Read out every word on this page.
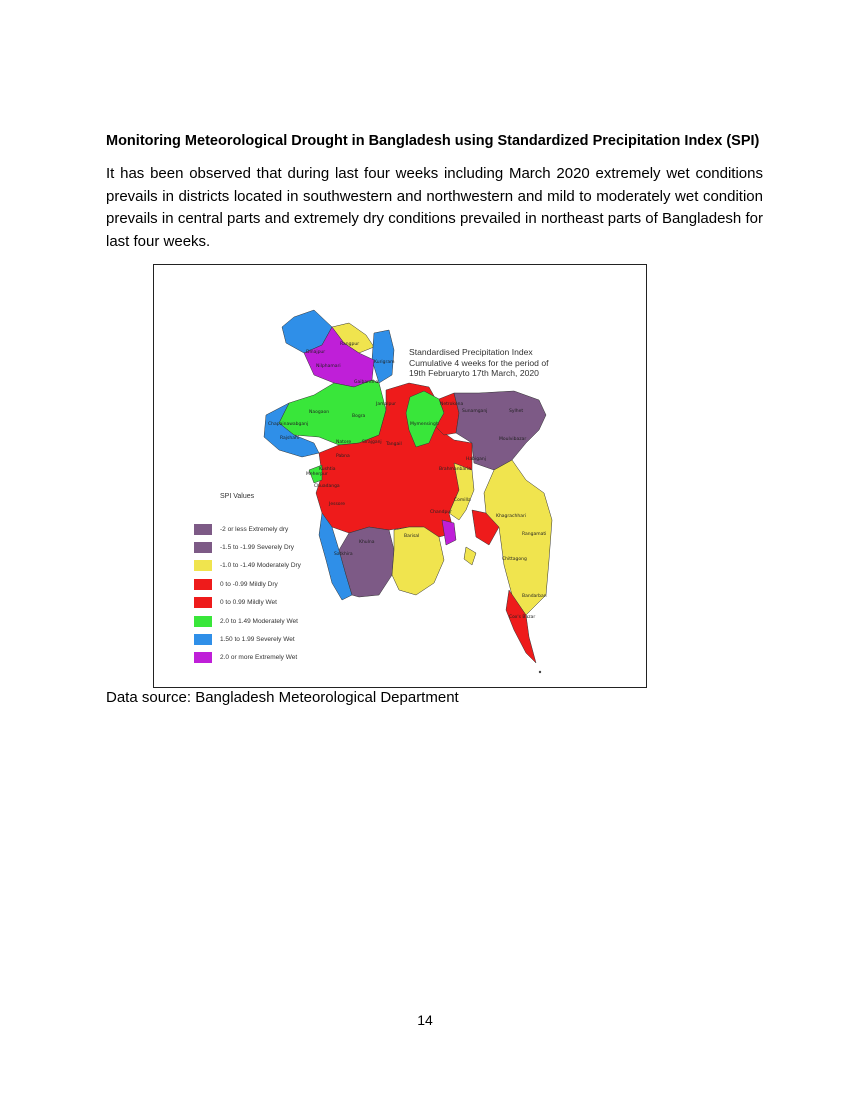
Monitoring Meteorological Drought in Bangladesh using Standardized Precipitation Index (SPI)

It has been observed that during last four weeks including March 2020 extremely wet conditions prevails in districts located in southwestern and northwestern and mild to moderately wet condition prevails in central parts and extremely dry conditions prevailed in northeast parts of Bangladesh for last four weeks.

Sunamganj	Sylhet
Moulvibazar
Mymensingh
Naogaon
Bogra
Chapainawabganj
Rajshahi
Natore
Dinajpur
Rangpur
Nilphamari
Kurigram
Netrokona
Jamalpur
Sirajganj Tangail
Pabna
Kushtia
Meherpur
Chuadanga
Jessore
Khulna
Satkhira
Barisal
Comilla
Brahmanbaria
Khagrachhari
Rangamati
Chittagong
Bandarban
Cox's Bazar
Chandpur
Gaibandha
Habiganj
Standardised Precipitation Index
Cumulative 4 weeks for the period of
19th Februaryto 17th March, 2020
SPI Values
-2 or less Extremely dry
-1.5 to -1.99 Severely Dry
-1.0 to -1.49 Moderately Dry
0 to -0.99 Mildly Dry
0 to 0.99 Mildly Wet
2.0 to 1.49 Moderately Wet
1.50 to 1.99 Severely Wet
2.0 or more Extremely Wet
Data source: Bangladesh Meteorological Department
14
